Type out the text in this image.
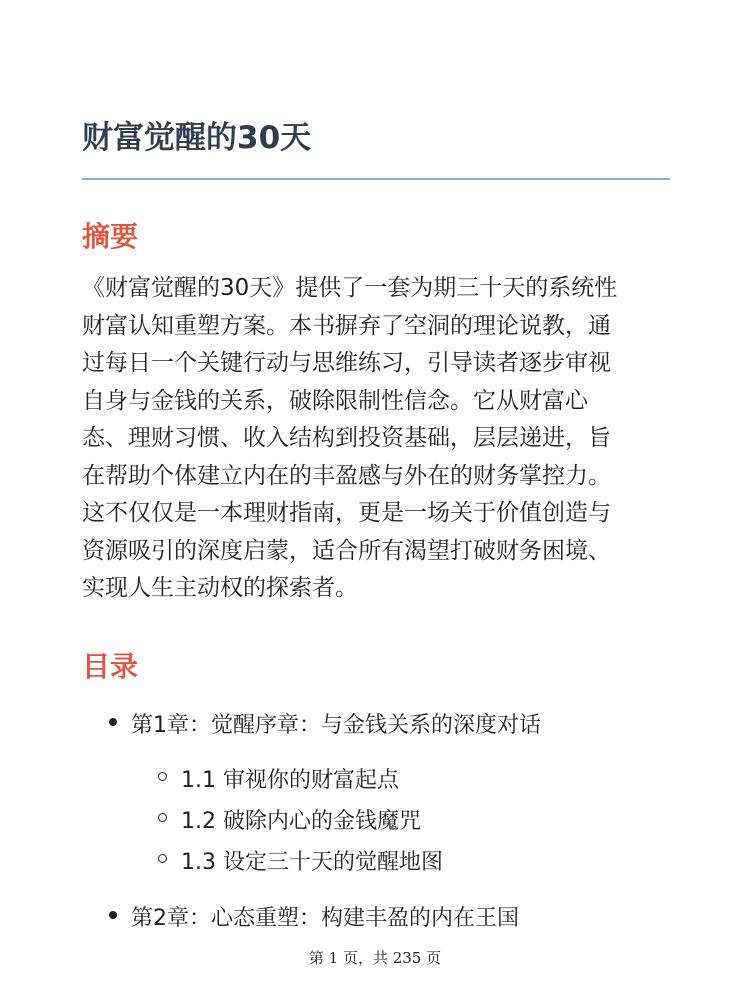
财富觉醒的30天
摘要

《财富觉醒的30天》提供了一套为期三十天的系统性
财富认知重塑方案。本书摒弃了空洞的理论说教，通
过每日一个关键行动与思维练习，引导读者逐步审视
自身与金钱的关系，破除限制性信念。它从财富心
态、理财习惯、收入结构到投资基础，层层递进，旨
在帮助个体建立内在的丰盈感与外在的财务掌控力。
这不仅仅是一本理财指南，更是一场关于价值创造与
资源吸引的深度启蒙，适合所有渴望打破财务困境、
实现人生主动权的探索者。

目录
第1章：觉醒序章：与金钱关系的深度对话
1.1 审视你的财富起点
1.2 破除内心的金钱魔咒
1.3 设定三十天的觉醒地图
第2章：心态重塑：构建丰盈的内在王国
第 1 页，共 235 页
